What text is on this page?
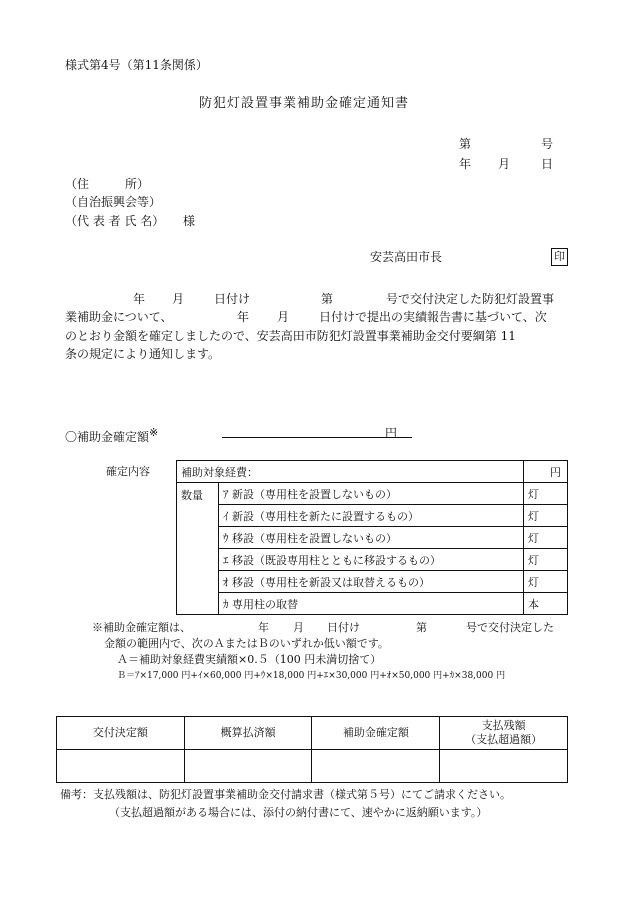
様式第4号（第11条関係）
防犯灯設置事業補助金確定通知書
第	号
年 月	日
（住　　　所）
（自治振興会等）
（代 表 者 氏 名） 様
安芸高田市長	印
年 月 日付け	第	号で交付決定した防犯灯設置事
業補助金について、	年 月 日付けで提出の実績報告書に基づいて、次
のとおり金額を確定しましたので、安芸高田市防犯灯設置事業補助金交付要綱第 11
条の規定により通知します。
〇補助金確定額※	円
確定内容	補助対象経費：		円
数量	ｱ 新設（専用柱を設置しないもの）	灯
	ｲ 新設（専用柱を新たに設置するもの）	灯
	ｳ 移設（専用柱を設置しないもの）	灯
	ｴ 移設（既設専用柱とともに移設するもの）	灯
	ｵ 移設（専用柱を新設又は取替えるもの）	灯
	ｶ 専用柱の取替	本
※補助金確定額は、	年 月 日付け	第	号で交付決定した
金額の範囲内で、次のＡまたはＢのいずれか低い額です。
Ａ＝補助対象経費実績額×0.５（100 円未満切捨て）
Ｂ＝ｱ×17,000 円+ｲ×60,000 円+ｳ×18,000 円+ｴ×30,000 円+ｵ×50,000 円+ｶ×38,000 円
交付決定額	概算払済額	補助金確定額	支払残額
（支払超過額）

備考：支払残額は、防犯灯設置事業補助金交付請求書（様式第５号）にてご請求ください。
（支払超過額がある場合には、添付の納付書にて、速やかに返納願います。）
